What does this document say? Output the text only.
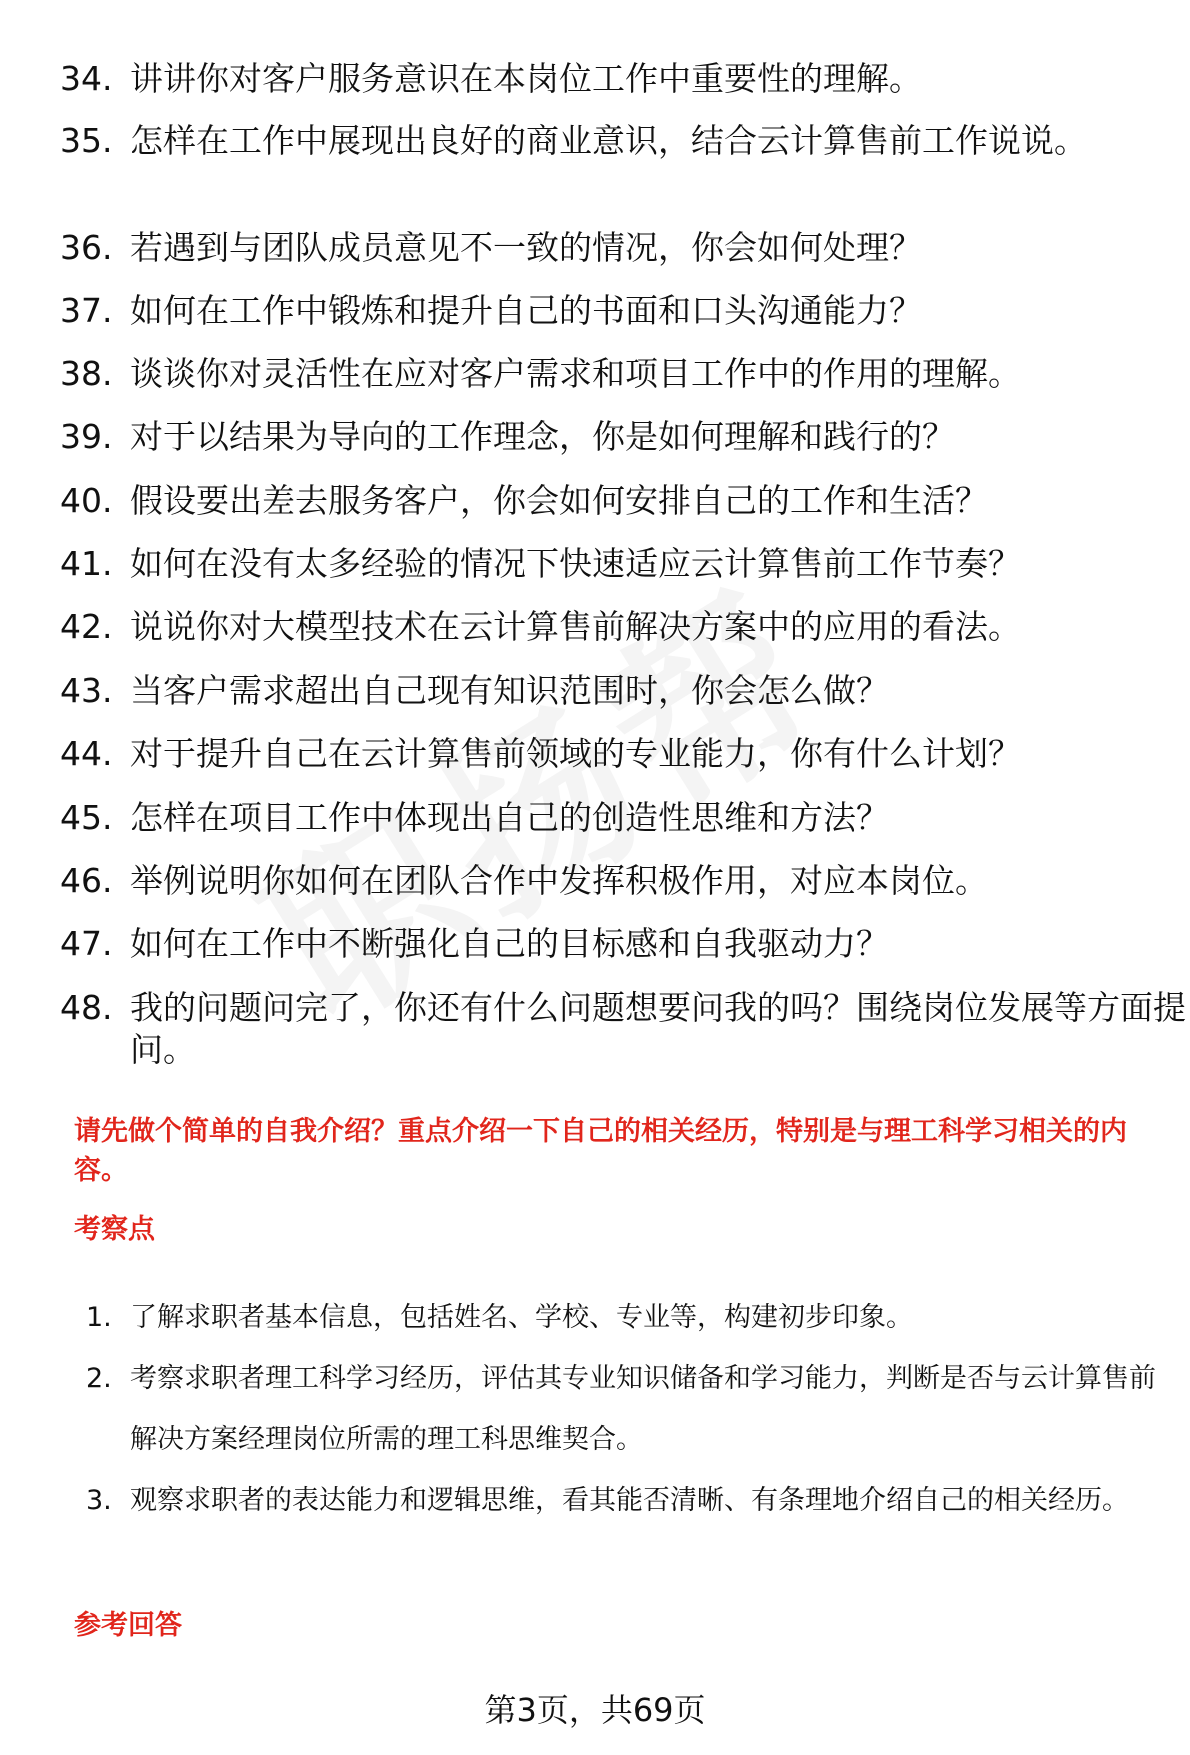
34. 讲讲你对客户服务意识在本岗位工作中重要性的理解。
35. 怎样在工作中展现出良好的商业意识，结合云计算售前工作说说。
36. 若遇到与团队成员意见不一致的情况，你会如何处理？
37. 如何在工作中锻炼和提升自己的书面和口头沟通能力？
38. 谈谈你对灵活性在应对客户需求和项目工作中的作用的理解。
39. 对于以结果为导向的工作理念，你是如何理解和践行的？
40. 假设要出差去服务客户，你会如何安排自己的工作和生活？
41. 如何在没有太多经验的情况下快速适应云计算售前工作节奏？
42. 说说你对大模型技术在云计算售前解决方案中的应用的看法。
43. 当客户需求超出自己现有知识范围时，你会怎么做？
44. 对于提升自己在云计算售前领域的专业能力，你有什么计划？
45. 怎样在项目工作中体现出自己的创造性思维和方法？
46. 举例说明你如何在团队合作中发挥积极作用，对应本岗位。
47. 如何在工作中不断强化自己的目标感和自我驱动力？
48. 我的问题问完了，你还有什么问题想要问我的吗？围绕岗位发展等方面提问。
请先做个简单的自我介绍？重点介绍一下自己的相关经历，特别是与理工科学习相关的内容。
考察点
1. 了解求职者基本信息，包括姓名、学校、专业等，构建初步印象。
2. 考察求职者理工科学习经历，评估其专业知识储备和学习能力，判断是否与云计算售前解决方案经理岗位所需的理工科思维契合。
3. 观察求职者的表达能力和逻辑思维，看其能否清晰、有条理地介绍自己的相关经历。
参考回答
第3页，共69页
